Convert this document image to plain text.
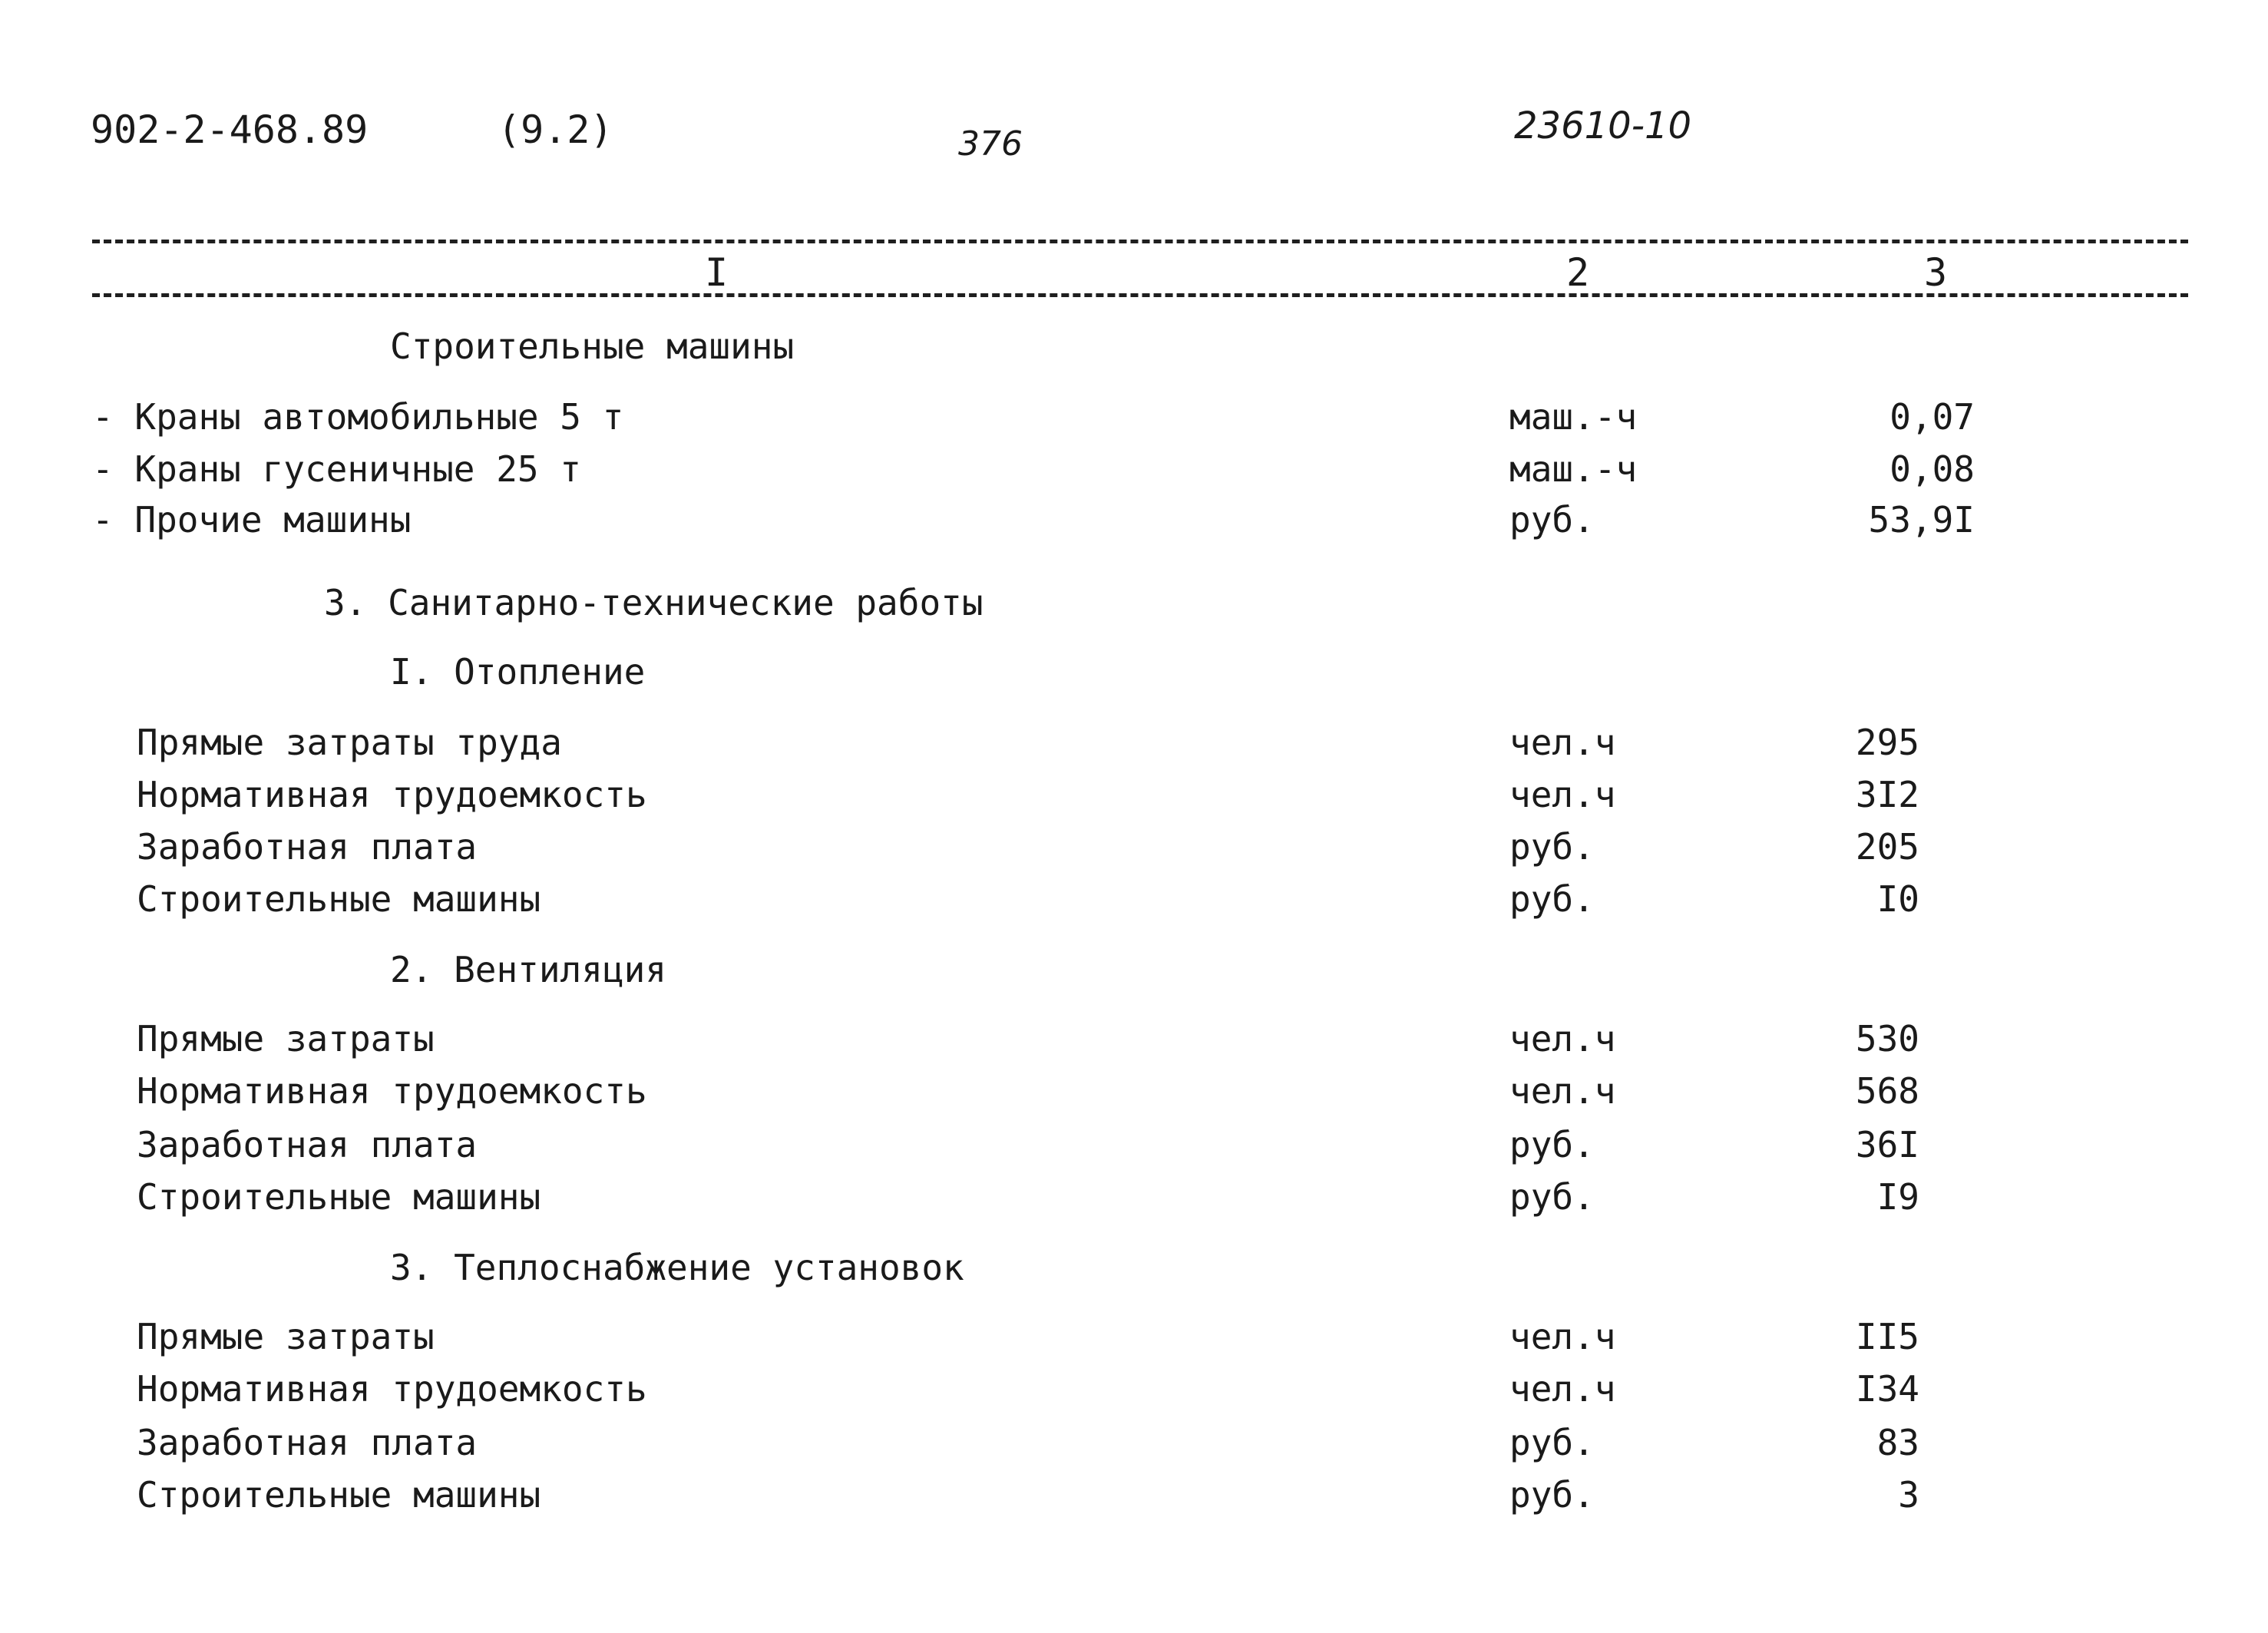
902-2-468.89	(9.2)	376	23610-10
I	2	3
Строительные машины
- Краны автомобильные 5 т	маш.-ч	0,07
- Краны гусеничные 25 т	маш.-ч	0,08
- Прочие машины	руб.	53,9I
3. Санитарно-технические работы
I. Отопление
Прямые затраты труда	чел.ч	295
Нормативная трудоемкость	чел.ч	3I2
Заработная плата	руб.	205
Строительные машины	руб.	I0
2. Вентиляция
Прямые затраты	чел.ч	530
Нормативная трудоемкость	чел.ч	568
Заработная плата	руб.	36I
Строительные машины	руб.	I9
3. Теплоснабжение установок
Прямые затраты	чел.ч	II5
Нормативная трудоемкость	чел.ч	I34
Заработная плата	руб.	83
Строительные машины	руб.	3
